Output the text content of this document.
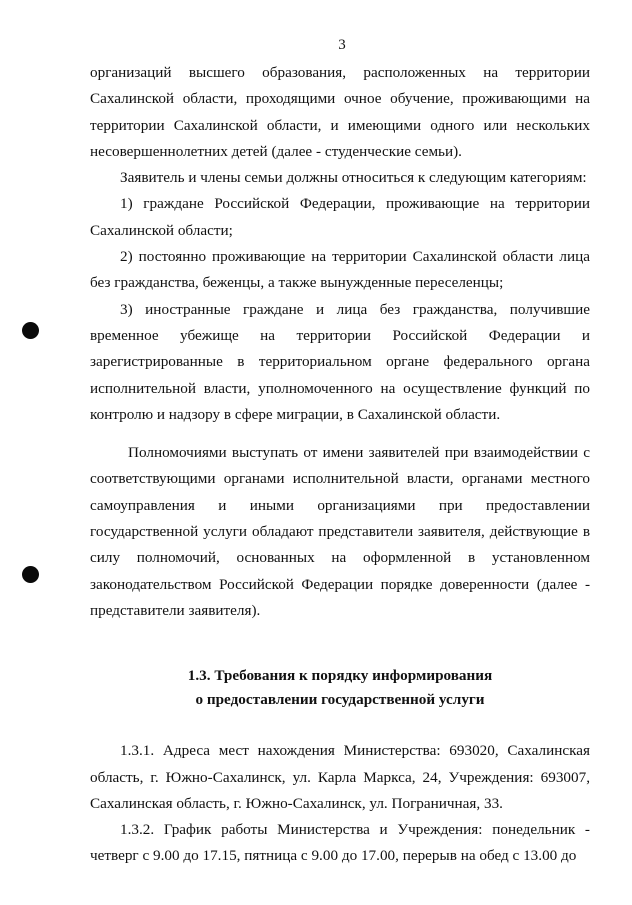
3

организаций высшего образования, расположенных на территории Сахалинской области, проходящими очное обучение, проживающими на территории Сахалинской области, и имеющими одного или нескольких несовершеннолетних детей (далее - студенческие семьи).

Заявитель и члены семьи должны относиться к следующим категориям:

1) граждане Российской Федерации, проживающие на территории Сахалинской области;

2) постоянно проживающие на территории Сахалинской области лица без гражданства, беженцы, а также вынужденные переселенцы;

3) иностранные граждане и лица без гражданства, получившие временное убежище на территории Российской Федерации и зарегистрированные в территориальном органе федерального органа исполнительной власти, уполномоченного на осуществление функций по контролю и надзору в сфере миграции, в Сахалинской области.

Полномочиями выступать от имени заявителей при взаимодействии с соответствующими органами исполнительной власти, органами местного самоуправления и иными организациями при предоставлении государственной услуги обладают представители заявителя, действующие в силу полномочий, основанных на оформленной в установленном законодательством Российской Федерации порядке доверенности (далее - представители заявителя).

1.3. Требования к порядку информирования

о предоставлении государственной услуги

1.3.1. Адреса мест нахождения Министерства: 693020, Сахалинская область, г. Южно-Сахалинск, ул. Карла Маркса, 24, Учреждения: 693007, Сахалинская область, г. Южно-Сахалинск, ул. Пограничная, 33.

1.3.2. График работы Министерства и Учреждения: понедельник - четверг с 9.00 до 17.15, пятница с 9.00 до 17.00, перерыв на обед с 13.00 до
